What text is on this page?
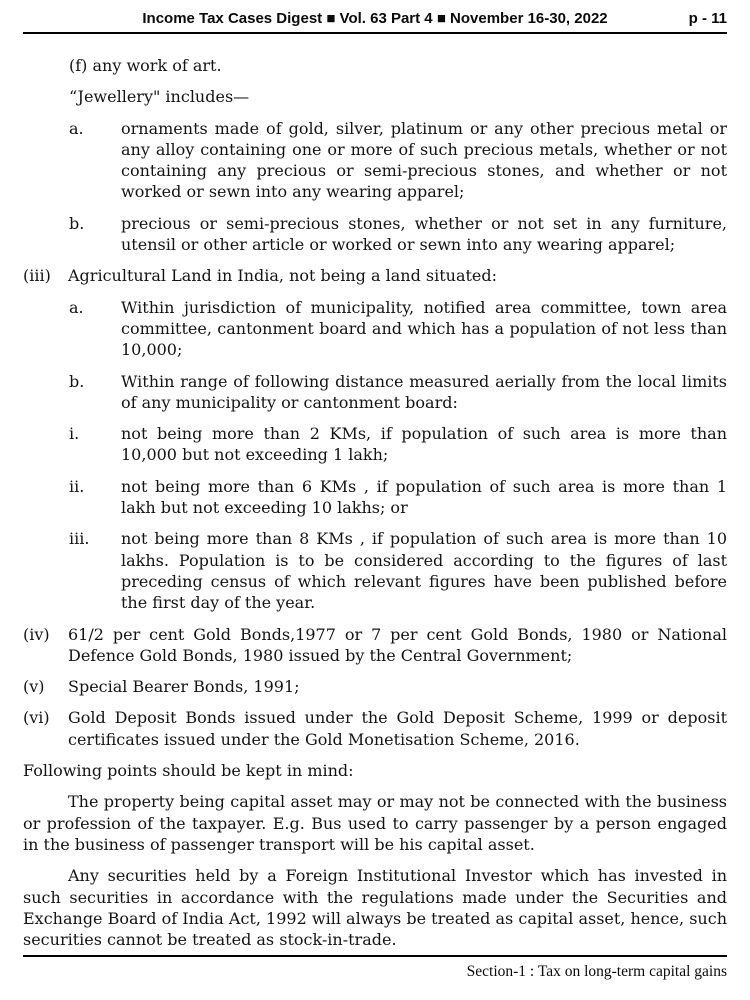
Income Tax Cases Digest ■ Vol. 63 Part 4 ■ November 16-30, 2022	p - 11

(f) any work of art.

“Jewellery" includes—

a.	ornaments made of gold, silver, platinum or any other precious metal or any alloy containing one or more of such precious metals, whether or not containing any precious or semi-precious stones, and whether or not worked or sewn into any wearing apparel;
b.	precious or semi-precious stones, whether or not set in any furniture, utensil or other article or worked or sewn into any wearing apparel;
(iii)	Agricultural Land in India, not being a land situated:
a.	Within jurisdiction of municipality, notified area committee, town area committee, cantonment board and which has a population of not less than 10,000;
b.	Within range of following distance measured aerially from the local limits of any municipality or cantonment board:
i.	not being more than 2 KMs, if population of such area is more than 10,000 but not exceeding 1 lakh;
ii.	not being more than 6 KMs , if population of such area is more than 1 lakh but not exceeding 10 lakhs; or
iii.	not being more than 8 KMs , if population of such area is more than 10 lakhs. Population is to be considered according to the figures of last preceding census of which relevant figures have been published before the first day of the year.
(iv)	61/2 per cent Gold Bonds,1977 or 7 per cent Gold Bonds, 1980 or National Defence Gold Bonds, 1980 issued by the Central Government;
(v)	Special Bearer Bonds, 1991;
(vi)	Gold Deposit Bonds issued under the Gold Deposit Scheme, 1999 or deposit certificates issued under the Gold Monetisation Scheme, 2016.

Following points should be kept in mind:

The property being capital asset may or may not be connected with the business or profession of the taxpayer. E.g. Bus used to carry passenger by a person engaged in the business of passenger transport will be his capital asset.

Any securities held by a Foreign Institutional Investor which has invested in such securities in accordance with the regulations made under the Securities and Exchange Board of India Act, 1992 will always be treated as capital asset, hence, such securities cannot be treated as stock-in-trade.

Section-1 : Tax on long-term capital gains
